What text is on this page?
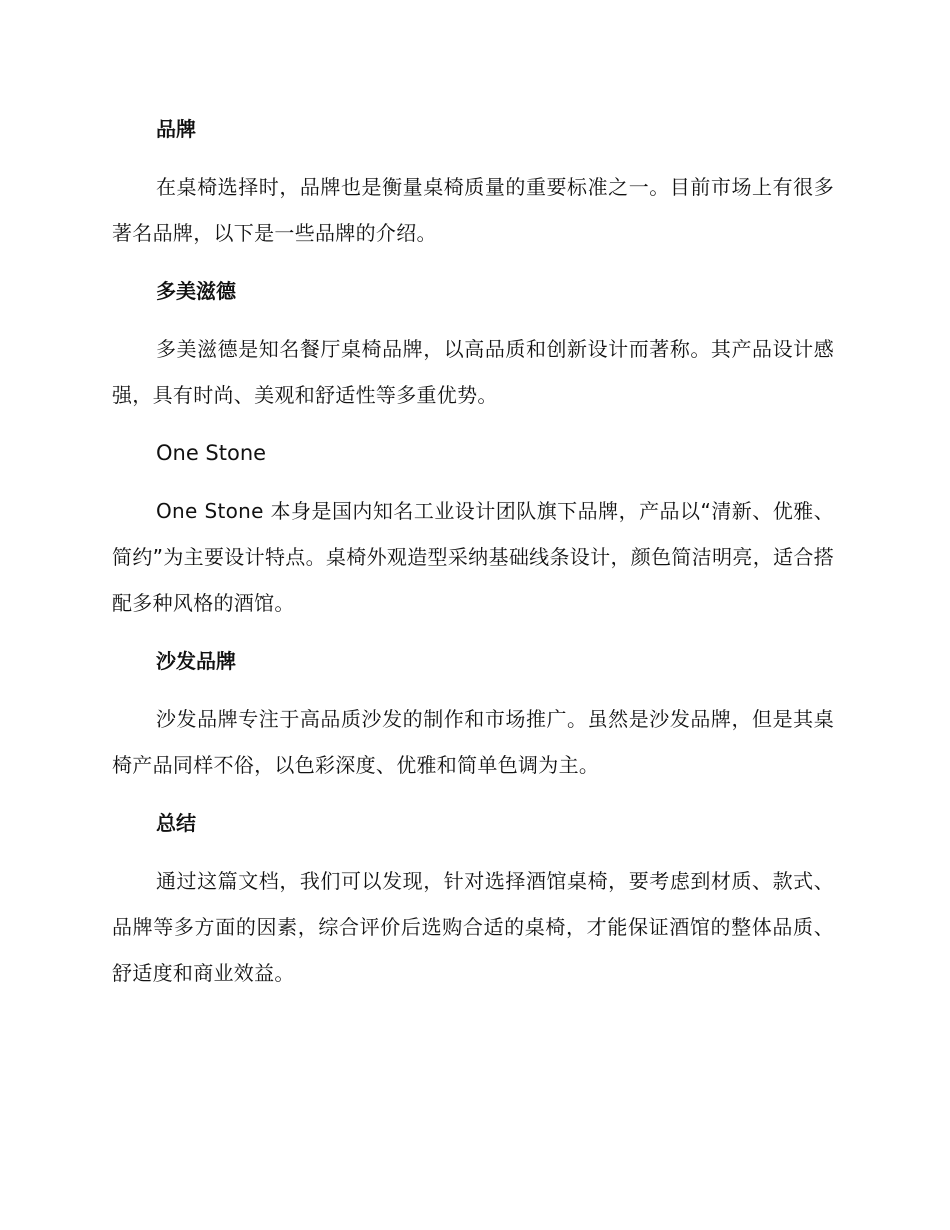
品牌

在桌椅选择时，品牌也是衡量桌椅质量的重要标准之一。目前市场上有很多著名品牌，以下是一些品牌的介绍。

多美滋德

多美滋德是知名餐厅桌椅品牌，以高品质和创新设计而著称。其产品设计感强，具有时尚、美观和舒适性等多重优势。

One Stone

One Stone 本身是国内知名工业设计团队旗下品牌，产品以“清新、优雅、简约”为主要设计特点。桌椅外观造型采纳基础线条设计，颜色简洁明亮，适合搭配多种风格的酒馆。

沙发品牌

沙发品牌专注于高品质沙发的制作和市场推广。虽然是沙发品牌，但是其桌椅产品同样不俗，以色彩深度、优雅和简单色调为主。

总结

通过这篇文档，我们可以发现，针对选择酒馆桌椅，要考虑到材质、款式、品牌等多方面的因素，综合评价后选购合适的桌椅，才能保证酒馆的整体品质、舒适度和商业效益。
